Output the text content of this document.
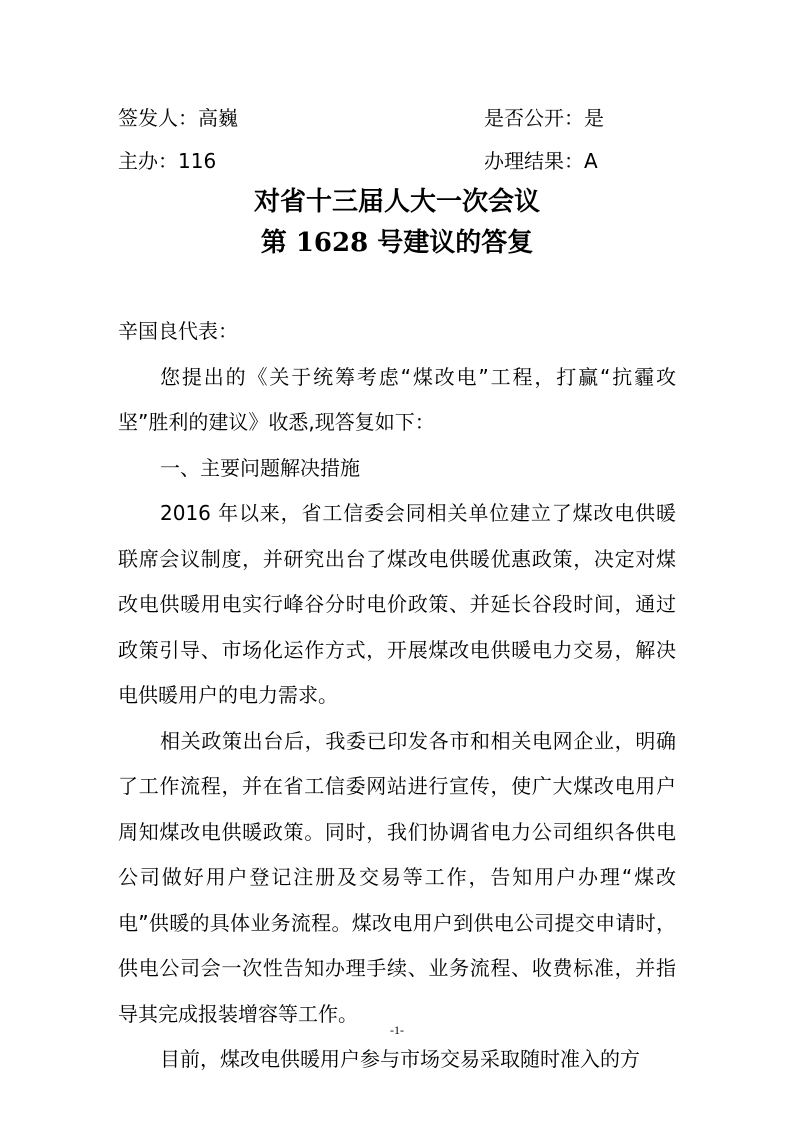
签发人：高巍	是否公开：是
主办：116	办理结果：A
对省十三届人大一次会议
第 1628 号建议的答复

辛国良代表：

您提出的《关于统筹考虑“煤改电”工程，打赢“抗霾攻坚”胜利的建议》收悉,现答复如下：

一、主要问题解决措施

2016 年以来，省工信委会同相关单位建立了煤改电供暖联席会议制度，并研究出台了煤改电供暖优惠政策，决定对煤改电供暖用电实行峰谷分时电价政策、并延长谷段时间，通过政策引导、市场化运作方式，开展煤改电供暖电力交易，解决电供暖用户的电力需求。

相关政策出台后，我委已印发各市和相关电网企业，明确了工作流程，并在省工信委网站进行宣传，使广大煤改电用户周知煤改电供暖政策。同时，我们协调省电力公司组织各供电公司做好用户登记注册及交易等工作，告知用户办理“煤改电”供暖的具体业务流程。煤改电用户到供电公司提交申请时，供电公司会一次性告知办理手续、业务流程、收费标准，并指导其完成报装增容等工作。

目前，煤改电供暖用户参与市场交易采取随时准入的方

-1-
